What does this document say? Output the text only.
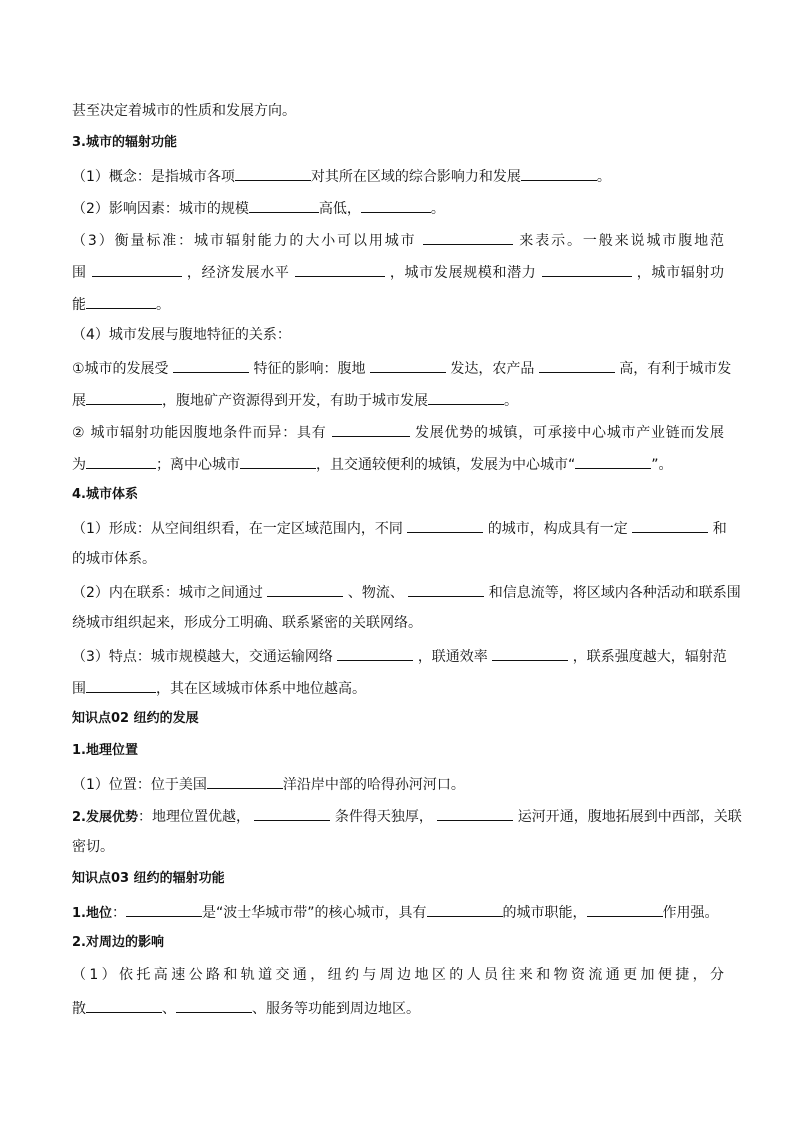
甚至决定着城市的性质和发展方向。
3.城市的辐射功能
（1）概念：是指城市各项	对其所在区域的综合影响力和发展	。
（2）影响因素：城市的规模	高低，	。
（3）衡量标准：城市辐射能力的大小可以用城市	来表示。一般来说城市腹地范
围	，经济发展水平	，城市发展规模和潜力	，城市辐射功
能	。
（4）城市发展与腹地特征的关系：
①城市的发展受	特征的影响：腹地	发达，农产品	高，有利于城市发
展	，腹地矿产资源得到开发，有助于城市发展	。
② 城市辐射功能因腹地条件而异：具有	发展优势的城镇，可承接中心城市产业链而发展
为	；离中心城市	，且交通较便利的城镇，发展为中心城市“	”。
4.城市体系
（1）形成：从空间组织看，在一定区域范围内，不同	的城市，构成具有一定	和
的城市体系。
（2）内在联系：城市之间通过	、物流、	和信息流等，将区域内各种活动和联系围
绕城市组织起来，形成分工明确、联系紧密的关联网络。
（3）特点：城市规模越大，交通运输网络	，联通效率	，联系强度越大，辐射范
围	，其在区域城市体系中地位越高。
知识点02 纽约的发展
1.地理位置
（1）位置：位于美国	洋沿岸中部的哈得孙河河口。
2.发展优势：地理位置优越，	条件得天独厚，	运河开通，腹地拓展到中西部，关联
密切。
知识点03 纽约的辐射功能
1.地位：	是“波士华城市带”的核心城市，具有	的城市职能，	作用强。
2.对周边的影响
（1）依托高速公路和轨道交通，纽约与周边地区的人员往来和物资流通更加便捷，分
散	、	、服务等功能到周边地区。
